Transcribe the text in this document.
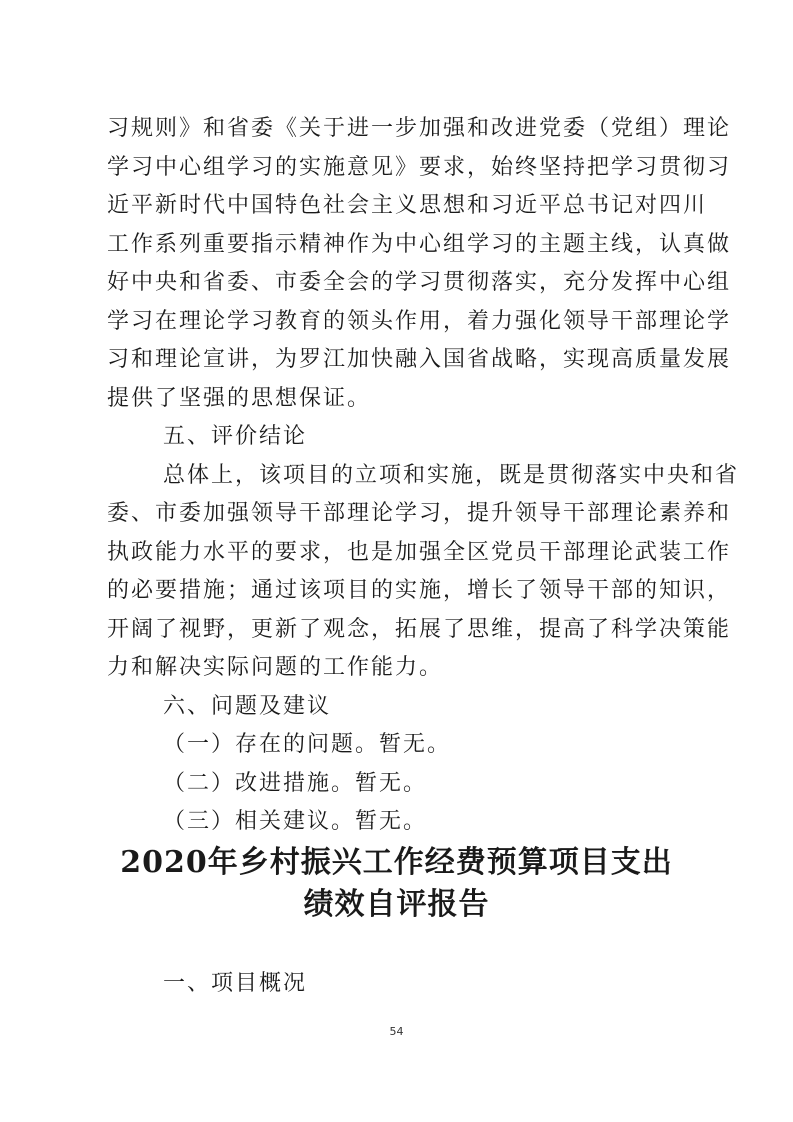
习规则》和省委《关于进一步加强和改进党委（党组）理论
学习中心组学习的实施意见》要求，始终坚持把学习贯彻习
近平新时代中国特色社会主义思想和习近平总书记对四川
工作系列重要指示精神作为中心组学习的主题主线，认真做
好中央和省委、市委全会的学习贯彻落实，充分发挥中心组
学习在理论学习教育的领头作用，着力强化领导干部理论学
习和理论宣讲，为罗江加快融入国省战略，实现高质量发展
提供了坚强的思想保证。
五、评价结论
总体上，该项目的立项和实施，既是贯彻落实中央和省
委、市委加强领导干部理论学习，提升领导干部理论素养和
执政能力水平的要求，也是加强全区党员干部理论武装工作
的必要措施；通过该项目的实施，增长了领导干部的知识，
开阔了视野，更新了观念，拓展了思维，提高了科学决策能
力和解决实际问题的工作能力。
六、问题及建议
（一）存在的问题。暂无。
（二）改进措施。暂无。
（三）相关建议。暂无。
2020年乡村振兴工作经费预算项目支出
绩效自评报告
一、项目概况
54
